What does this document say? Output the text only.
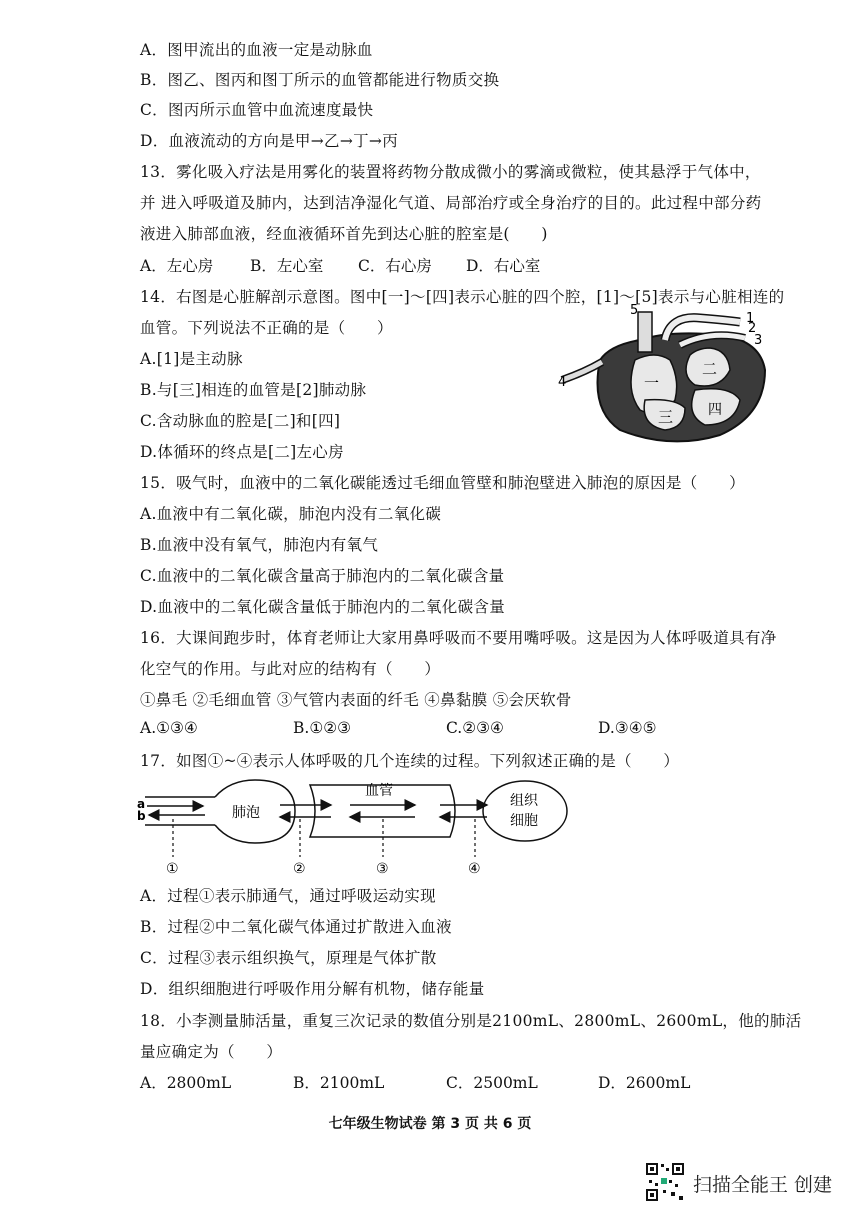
A．图甲流出的血液一定是动脉血
B．图乙、图丙和图丁所示的血管都能进行物质交换
C．图丙所示血管中血流速度最快
D．血液流动的方向是甲→乙→丁→丙
13．雾化吸入疗法是用雾化的装置将药物分散成微小的雾滴或微粒，使其悬浮于气体中，
并 进入呼吸道及肺内，达到洁净湿化气道、局部治疗或全身治疗的目的。此过程中部分药
液进入肺部血液，经血液循环首先到达心脏的腔室是(　　)
A．左心房 B．左心室 C．右心房 D．右心室
14．右图是心脏解剖示意图。图中[一]～[四]表示心脏的四个腔，[1]～[5]表示与心脏相连的
血管。下列说法不正确的是（　　）
A.[1]是主动脉
B.与[三]相连的血管是[2]肺动脉
C.含动脉血的腔是[二]和[四]
D.体循环的终点是[二]左心房
5
1
2
3
4	一
二
三 四
15．吸气时，血液中的二氧化碳能透过毛细血管壁和肺泡壁进入肺泡的原因是（　　）
A.血液中有二氧化碳，肺泡内没有二氧化碳
B.血液中没有氧气，肺泡内有氧气
C.血液中的二氧化碳含量高于肺泡内的二氧化碳含量
D.血液中的二氧化碳含量低于肺泡内的二氧化碳含量
16．大课间跑步时，体育老师让大家用鼻呼吸而不要用嘴呼吸。这是因为人体呼吸道具有净
化空气的作用。与此对应的结构有（　　）
①鼻毛 ②毛细血管 ③气管内表面的纤毛 ④鼻黏膜 ⑤会厌软骨
A.①③④	B.①②③	C.②③④	D.③④⑤
17．如图①~④表示人体呼吸的几个连续的过程。下列叙述正确的是（　　）
a
b	肺泡
血管
组织
细胞
①	②	③	④
A．过程①表示肺通气，通过呼吸运动实现
B．过程②中二氧化碳气体通过扩散进入血液
C．过程③表示组织换气，原理是气体扩散
D．组织细胞进行呼吸作用分解有机物，储存能量
18．小李测量肺活量，重复三次记录的数值分别是2100mL、2800mL、2600mL，他的肺活
量应确定为（　　）
A．2800mL	B．2100mL	C．2500mL	D．2600mL
七年级生物试卷 第 3 页 共 6 页
扫描全能王 创建
